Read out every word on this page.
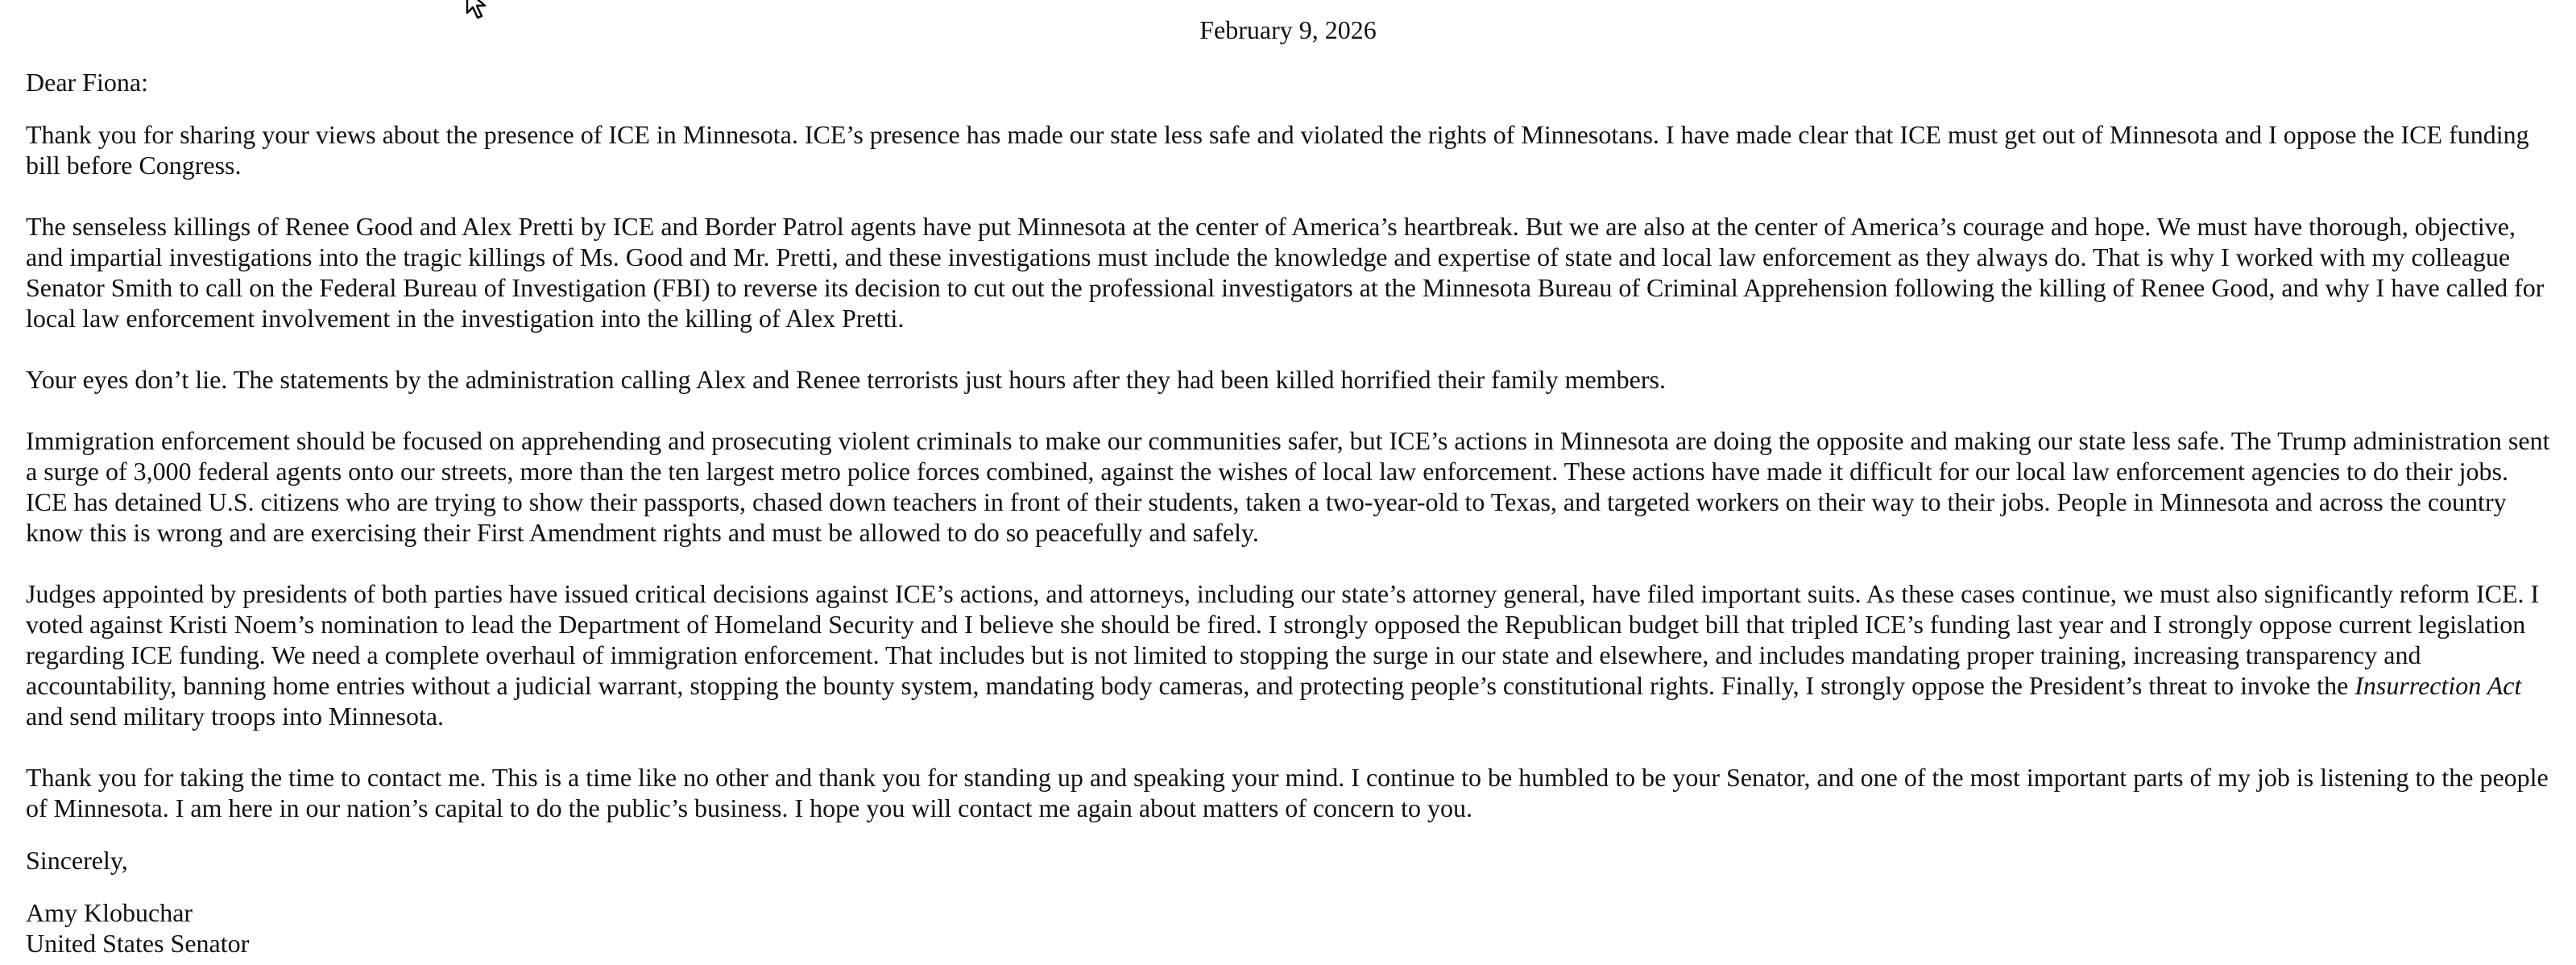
February 9, 2026

Dear Fiona:

Thank you for sharing your views about the presence of ICE in Minnesota. ICE’s presence has made our state less safe and violated the rights of Minnesotans. I have made clear that ICE must get out of Minnesota and I oppose the ICE funding bill before Congress.

The senseless killings of Renee Good and Alex Pretti by ICE and Border Patrol agents have put Minnesota at the center of America’s heartbreak. But we are also at the center of America’s courage and hope. We must have thorough, objective, and impartial investigations into the tragic killings of Ms. Good and Mr. Pretti, and these investigations must include the knowledge and expertise of state and local law enforcement as they always do. That is why I worked with my colleague Senator Smith to call on the Federal Bureau of Investigation (FBI) to reverse its decision to cut out the professional investigators at the Minnesota Bureau of Criminal Apprehension following the killing of Renee Good, and why I have called for local law enforcement involvement in the investigation into the killing of Alex Pretti.

Your eyes don’t lie. The statements by the administration calling Alex and Renee terrorists just hours after they had been killed horrified their family members.

Immigration enforcement should be focused on apprehending and prosecuting violent criminals to make our communities safer, but ICE’s actions in Minnesota are doing the opposite and making our state less safe. The Trump administration sent a surge of 3,000 federal agents onto our streets, more than the ten largest metro police forces combined, against the wishes of local law enforcement. These actions have made it difficult for our local law enforcement agencies to do their jobs. ICE has detained U.S. citizens who are trying to show their passports, chased down teachers in front of their students, taken a two-year-old to Texas, and targeted workers on their way to their jobs. People in Minnesota and across the country know this is wrong and are exercising their First Amendment rights and must be allowed to do so peacefully and safely.

Judges appointed by presidents of both parties have issued critical decisions against ICE’s actions, and attorneys, including our state’s attorney general, have filed important suits. As these cases continue, we must also significantly reform ICE. I voted against Kristi Noem’s nomination to lead the Department of Homeland Security and I believe she should be fired. I strongly opposed the Republican budget bill that tripled ICE’s funding last year and I strongly oppose current legislation regarding ICE funding. We need a complete overhaul of immigration enforcement. That includes but is not limited to stopping the surge in our state and elsewhere, and includes mandating proper training, increasing transparency and accountability, banning home entries without a judicial warrant, stopping the bounty system, mandating body cameras, and protecting people’s constitutional rights. Finally, I strongly oppose the President’s threat to invoke the Insurrection Act and send military troops into Minnesota.

Thank you for taking the time to contact me. This is a time like no other and thank you for standing up and speaking your mind. I continue to be humbled to be your Senator, and one of the most important parts of my job is listening to the people of Minnesota. I am here in our nation’s capital to do the public’s business. I hope you will contact me again about matters of concern to you.

Sincerely,

Amy Klobuchar

United States Senator
